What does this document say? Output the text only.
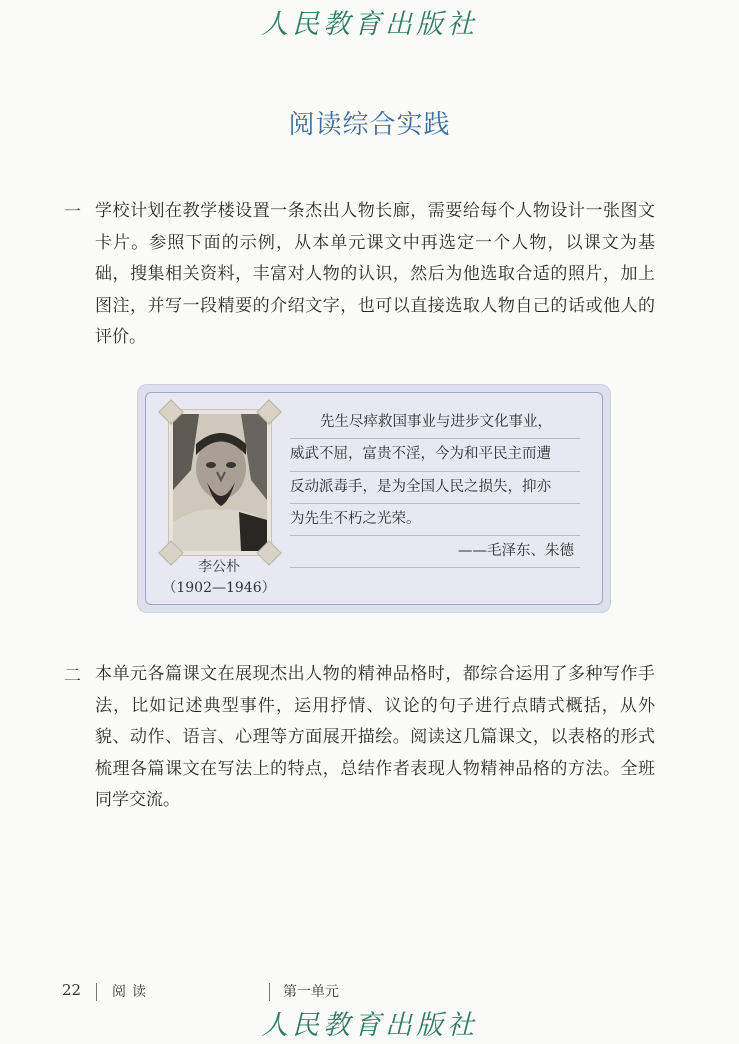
人民教育出版社
阅读综合实践
一 学校计划在教学楼设置一条杰出人物长廊，需要给每个人物设计一张图文卡片。参照下面的示例，从本单元课文中再选定一个人物，以课文为基础，搜集相关资料，丰富对人物的认识，然后为他选取合适的照片，加上图注，并写一段精要的介绍文字，也可以直接选取人物自己的话或他人的评价。
李公朴
（1902—1946）
先生尽瘁救国事业与进步文化事业，
威武不屈，富贵不淫，今为和平民主而遭
反动派毒手，是为全国人民之损失，抑亦
为先生不朽之光荣。
——毛泽东、朱德
二 本单元各篇课文在展现杰出人物的精神品格时，都综合运用了多种写作手法，比如记述典型事件，运用抒情、议论的句子进行点睛式概括，从外貌、动作、语言、心理等方面展开描绘。阅读这几篇课文，以表格的形式梳理各篇课文在写法上的特点，总结作者表现人物精神品格的方法。全班同学交流。
22 阅读	第一单元
人民教育出版社
